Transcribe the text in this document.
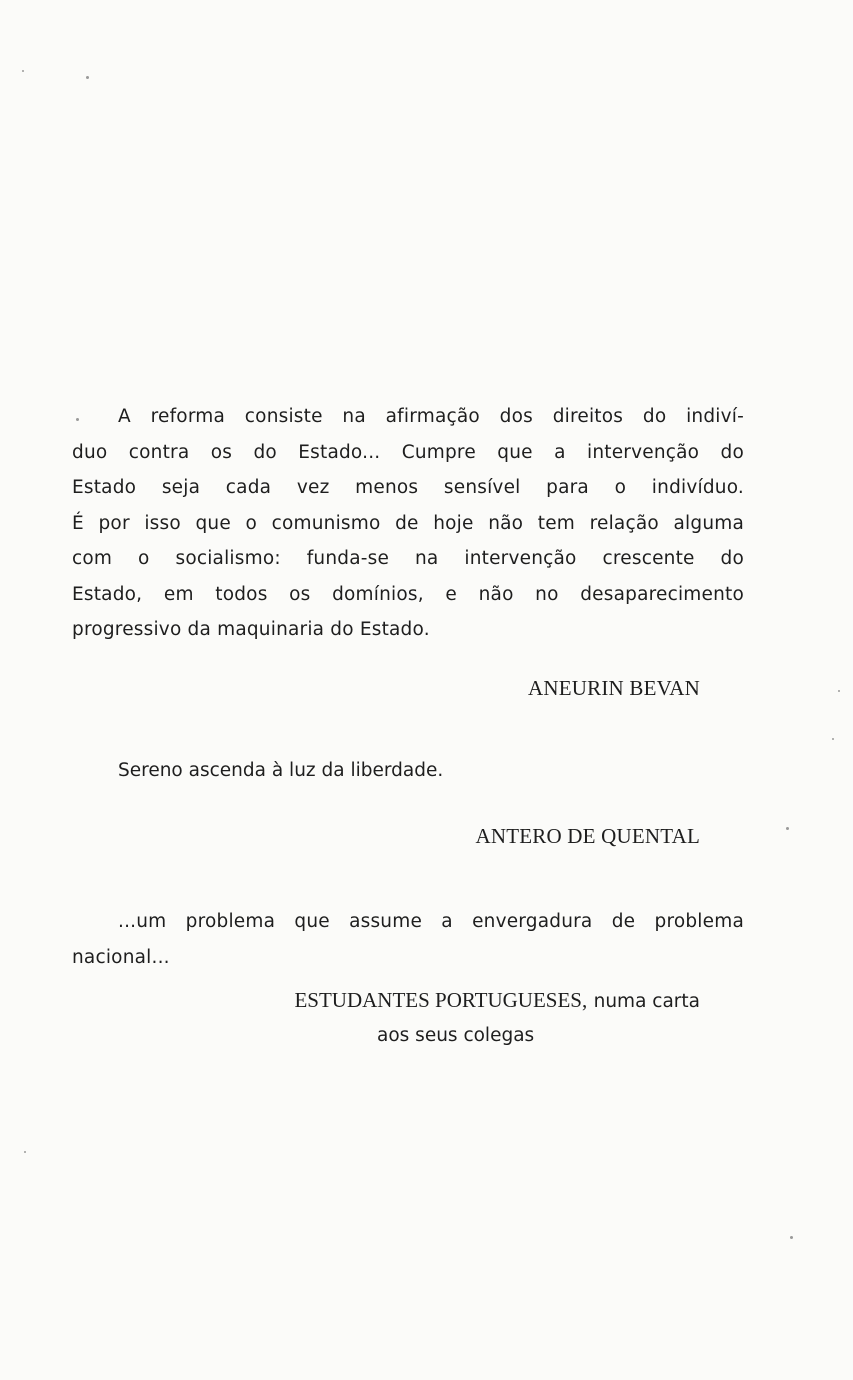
A reforma consiste na afirmação dos direitos do indiví-
duo contra os do Estado... Cumpre que a intervenção do
Estado seja cada vez menos sensível para o indivíduo.
É por isso que o comunismo de hoje não tem relação alguma
com o socialismo: funda-se na intervenção crescente do
Estado, em todos os domínios, e não no desaparecimento
progressivo da maquinaria do Estado.
ANEURIN BEVAN
Sereno ascenda à luz da liberdade.
ANTERO DE QUENTAL
...um problema que assume a envergadura de problema
nacional...
ESTUDANTES PORTUGUESES, numa carta
aos seus colegas
